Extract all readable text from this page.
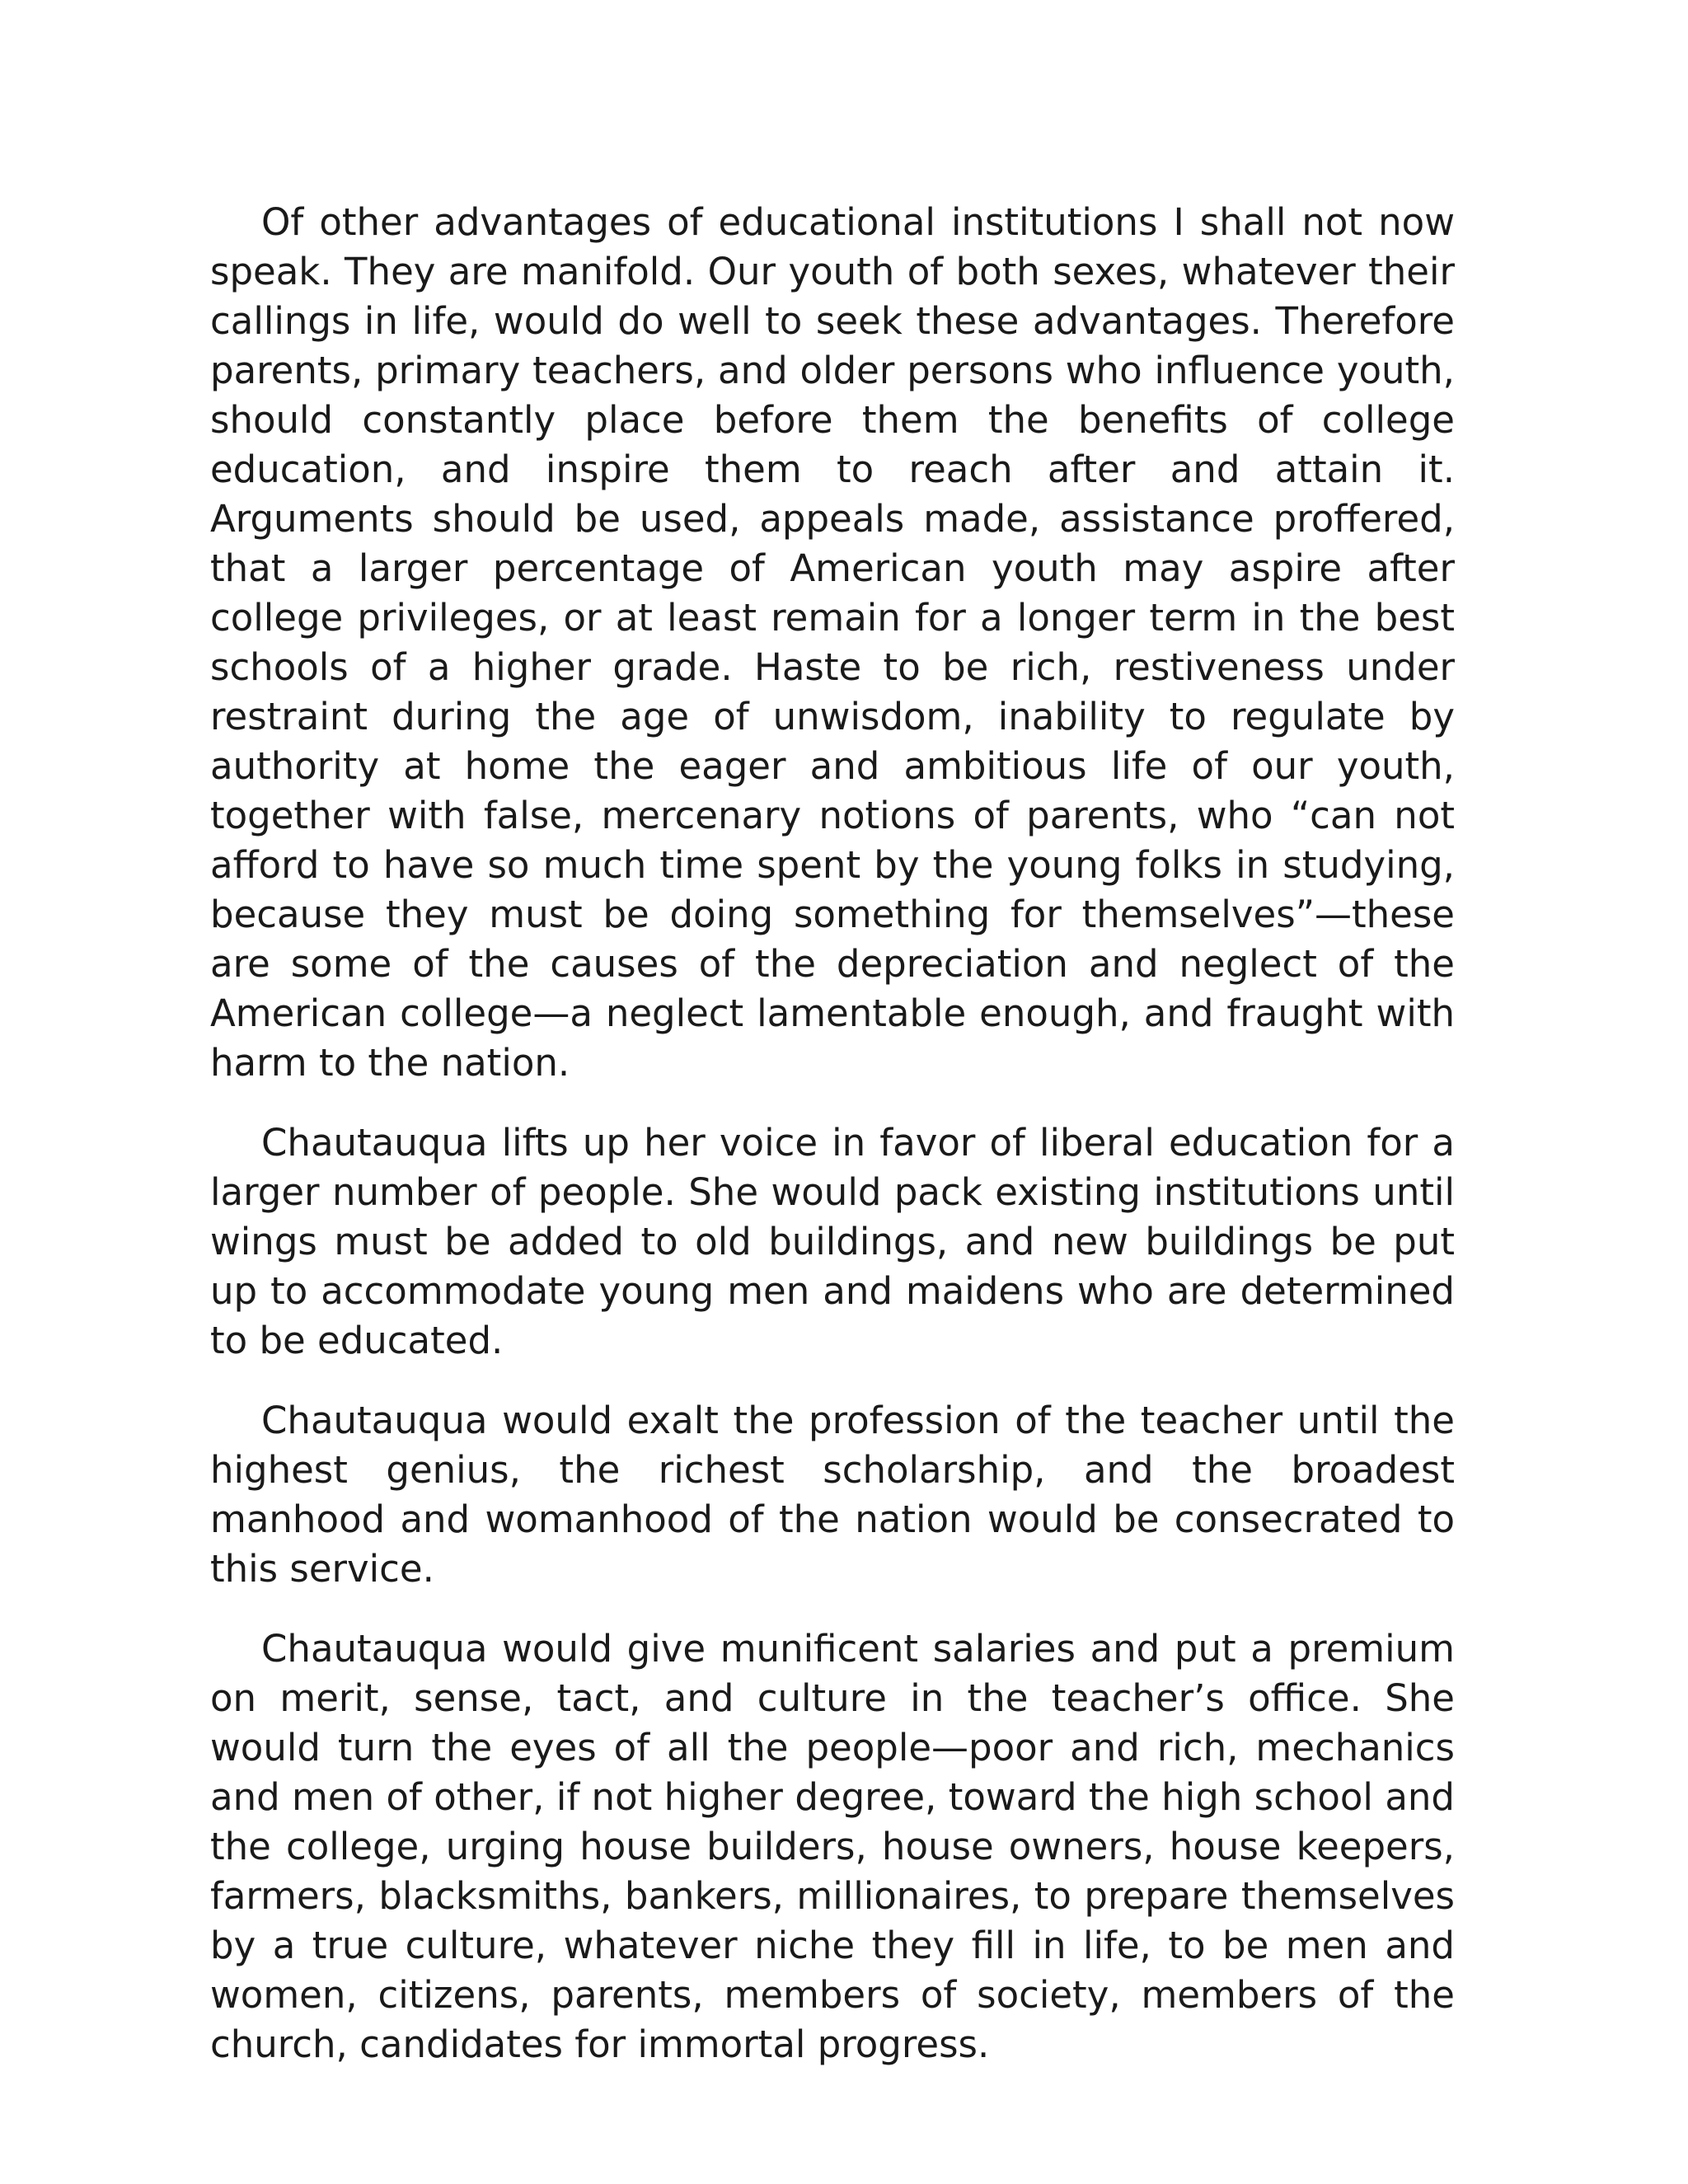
Of other advantages of educational institutions I shall not now speak. They are manifold. Our youth of both sexes, whatever their callings in life, would do well to seek these advantages. Therefore parents, primary teachers, and older persons who influence youth, should constantly place before them the benefits of college education, and inspire them to reach after and attain it. Arguments should be used, appeals made, assistance proffered, that a larger percentage of American youth may aspire after college privileges, or at least remain for a longer term in the best schools of a higher grade. Haste to be rich, restiveness under restraint during the age of unwisdom, inability to regulate by authority at home the eager and ambitious life of our youth, together with false, mercenary notions of parents, who “can not afford to have so much time spent by the young folks in studying, because they must be doing something for themselves”—these are some of the causes of the depreciation and neglect of the American college—a neglect lamentable enough, and fraught with harm to the nation.

Chautauqua lifts up her voice in favor of liberal education for a larger number of people. She would pack existing institutions until wings must be added to old buildings, and new buildings be put up to accommodate young men and maidens who are determined to be educated.

Chautauqua would exalt the profession of the teacher until the highest genius, the richest scholarship, and the broadest manhood and womanhood of the nation would be consecrated to this service.

Chautauqua would give munificent salaries and put a premium on merit, sense, tact, and culture in the teacher’s office. She would turn the eyes of all the people—poor and rich, mechanics and men of other, if not higher degree, toward the high school and the college, urging house builders, house owners, house keepers, farmers, blacksmiths, bankers, millionaires, to prepare themselves by a true culture, whatever niche they fill in life, to be men and women, citizens, parents, members of society, members of the church, candidates for immortal progress.
